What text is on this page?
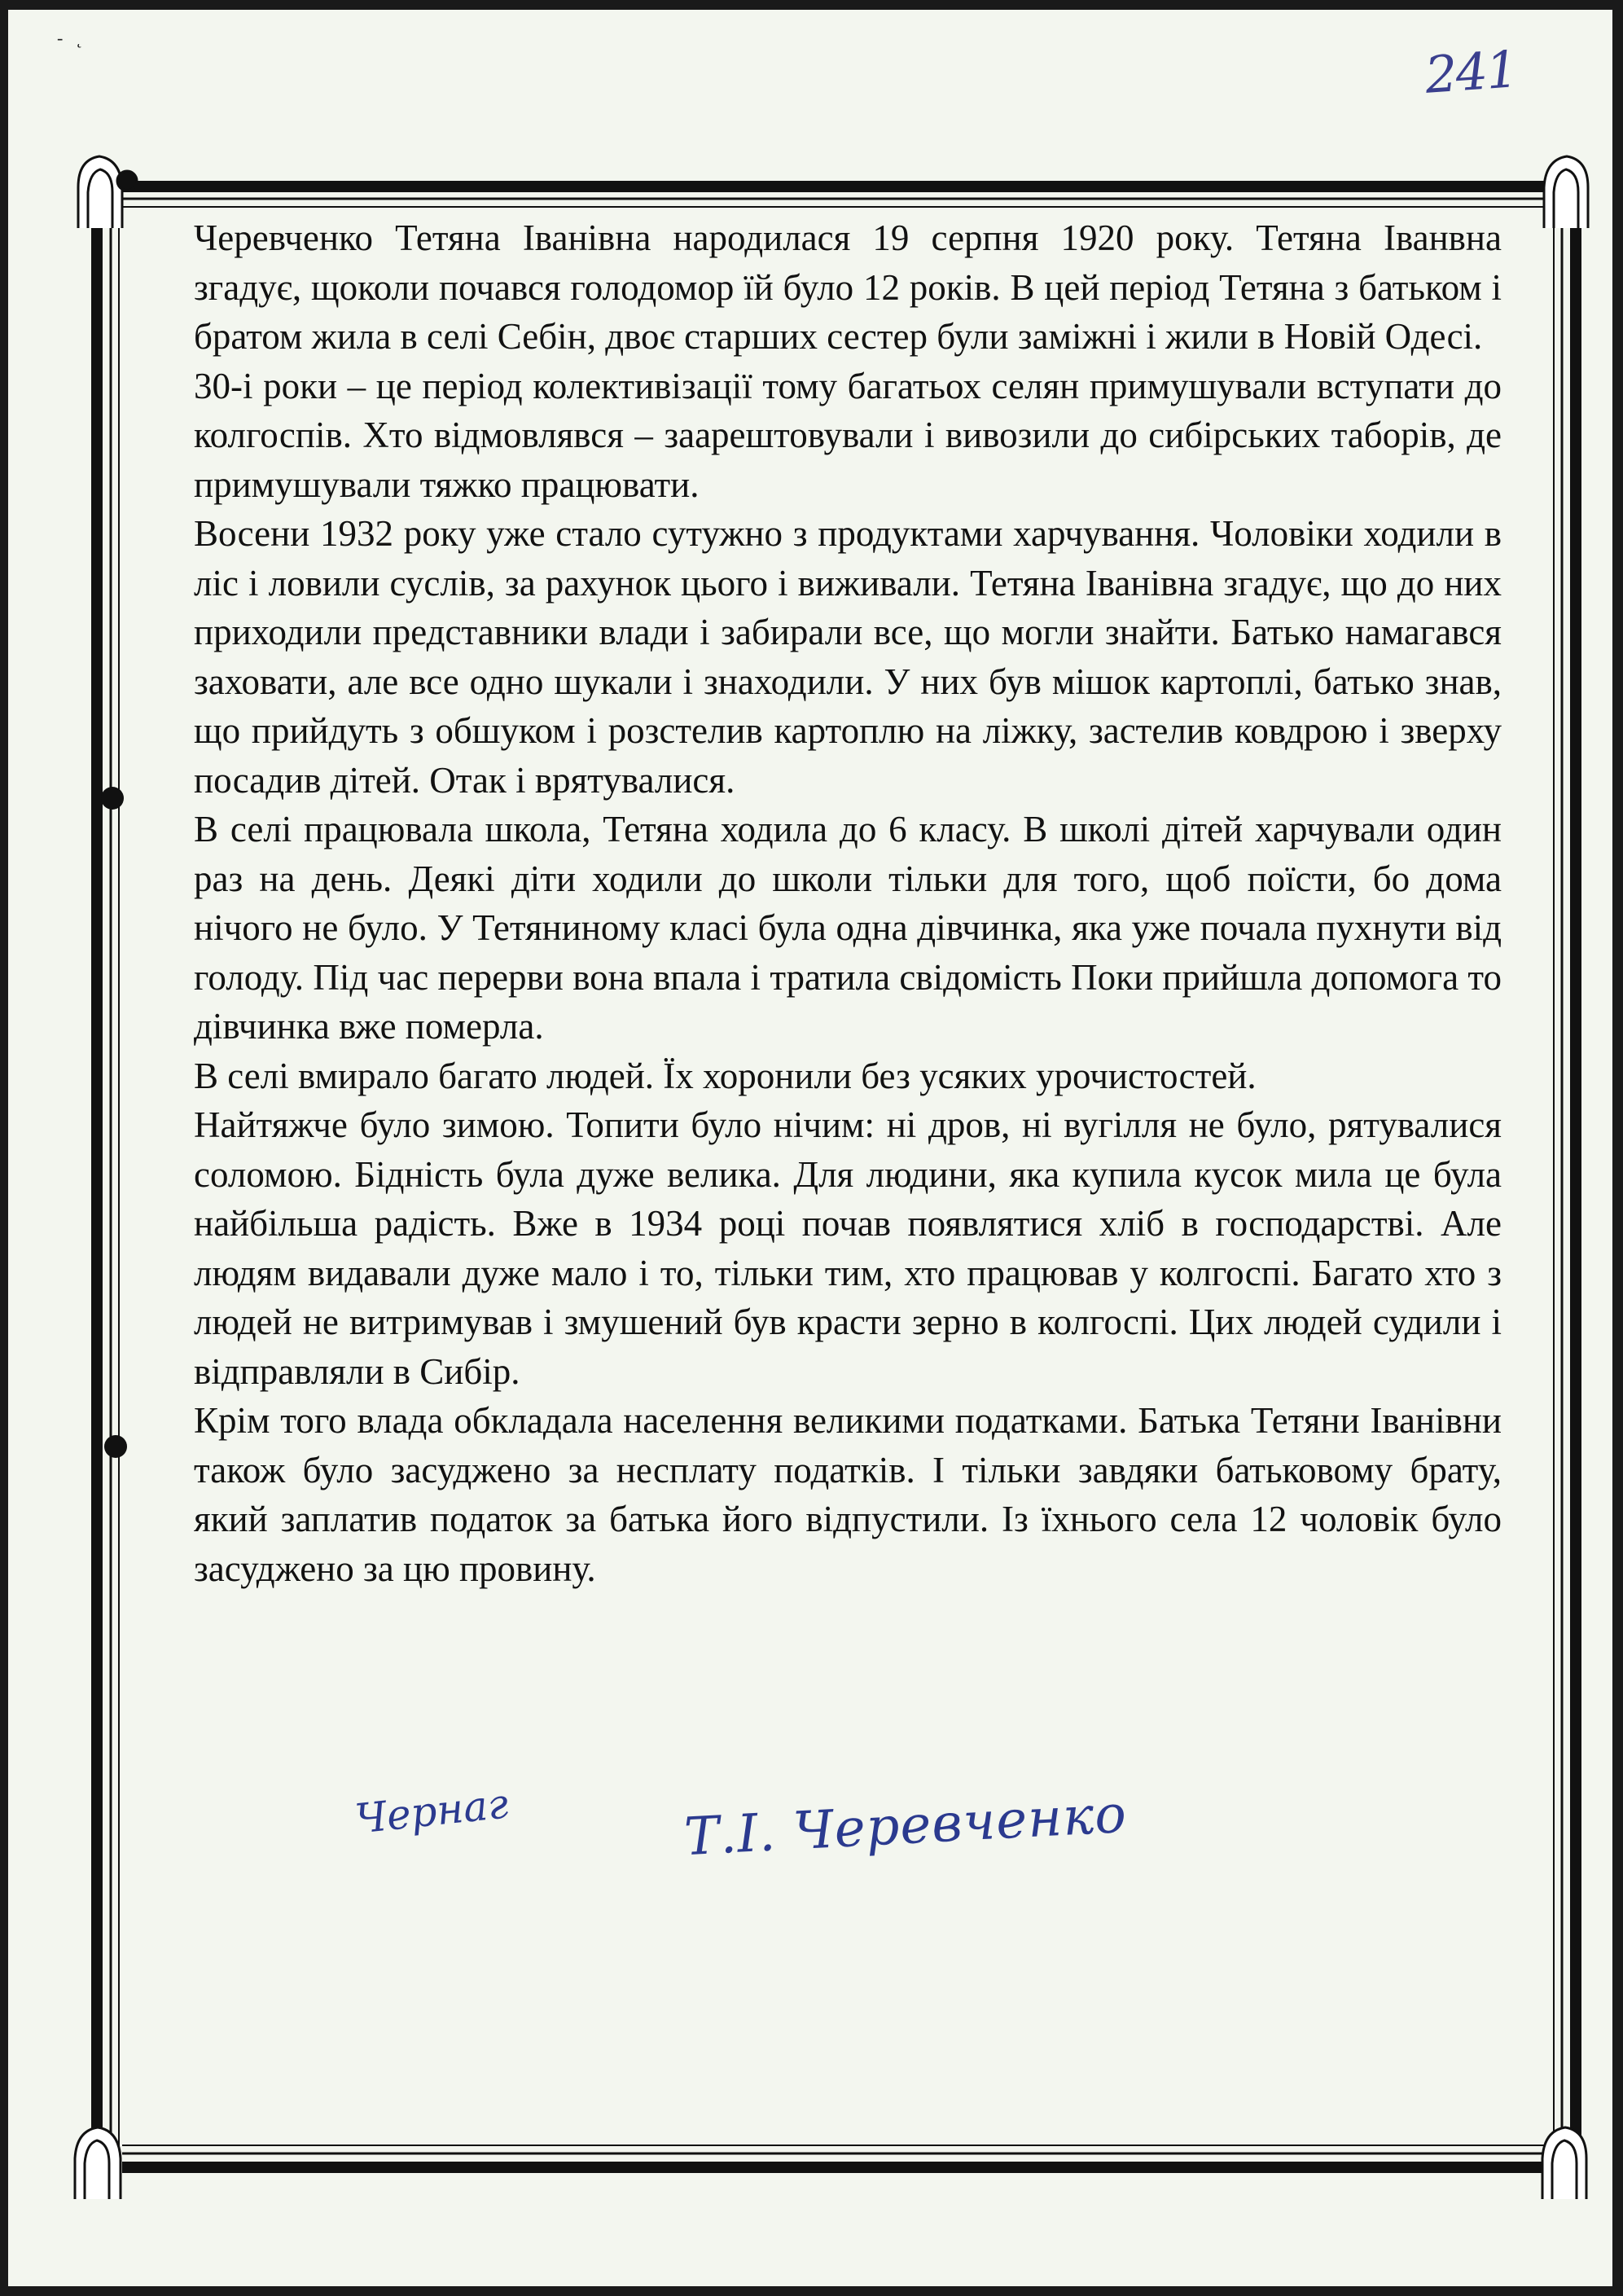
‑   ˛
241

Черевченко Тетяна Іванівна народилася 19 серпня 1920 року. Тетяна Іванвна згадує, щоколи почався голодомор їй було 12 років. В цей період Тетяна з батьком і братом жила в селі Себін, двоє старших сестер були заміжні і жили в Новій Одесі.

30-і роки – це період колективізації тому багатьох селян примушували вступати до колгоспів. Хто відмовлявся – заарештовували і вивозили до сибірських таборів, де примушували тяжко працювати.

Восени 1932 року уже стало сутужно з продуктами харчування. Чоловіки ходили в ліс і ловили суслів, за рахунок цього і виживали. Тетяна Іванівна згадує, що до них приходили представники влади і забирали все, що могли знайти. Батько намагався заховати, але все одно шукали і знаходили. У них був мішок картоплі, батько знав, що прийдуть з обшуком і розстелив картоплю на ліжку, застелив ковдрою і зверху посадив дітей. Отак і врятувалися.

В селі працювала школа, Тетяна ходила до 6 класу. В школі дітей харчували один раз на день. Деякі діти ходили до школи тільки для того, щоб поїсти, бо дома нічого не було. У Тетяниному класі була одна дівчинка, яка уже почала пухнути від голоду. Під час перерви вона впала і тратила свідомість Поки прийшла допомога то дівчинка вже померла.

В селі вмирало багато людей. Їх хоронили без усяких урочистостей.

Найтяжче було зимою. Топити було нічим: ні дров, ні вугілля не було, рятувалися соломою. Бідність була дуже велика. Для людини, яка купила кусок мила це була найбільша радість. Вже в 1934 році почав появлятися хліб в господарстві. Але людям видавали дуже мало і то, тільки тим, хто працював у колгоспі. Багато хто з людей не витримував і змушений був красти зерно в колгоспі. Цих людей судили і відправляли в Сибір.

Крім того влада обкладала населення великими податками. Батька Тетяни Іванівни також було засуджено за несплату податків. І тільки завдяки батьковому брату, який заплатив податок за батька його відпустили. Із їхнього села 12 чоловік було засуджено за цю провину.

Чернаг	Т.І. Черевченко
